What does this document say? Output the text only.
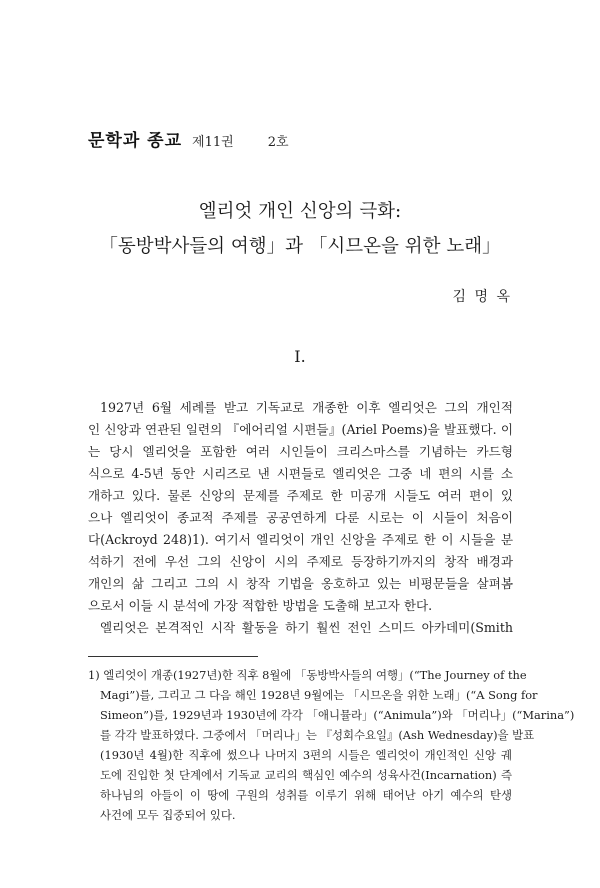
문학과 종교 제11권	2호
엘리엇 개인 신앙의 극화:
「동방박사들의 여행」과 「시므온을 위한 노래」
김 명 옥
I.
1927년 6월 세례를 받고 기독교로 개종한 이후 엘리엇은 그의 개인적
인 신앙과 연관된 일련의 『에어리얼 시편들』(Ariel Poems)을 발표했다. 이
는 당시 엘리엇을 포함한 여러 시인들이 크리스마스를 기념하는 카드형
식으로 4-5년 동안 시리즈로 낸 시편들로 엘리엇은 그중 네 편의 시를 소
개하고 있다. 물론 신앙의 문제를 주제로 한 미공개 시들도 여러 편이 있
으나 엘리엇이 종교적 주제를 공공연하게 다룬 시로는 이 시들이 처음이
다(Ackroyd 248)1). 여기서 엘리엇이 개인 신앙을 주제로 한 이 시들을 분
석하기 전에 우선 그의 신앙이 시의 주제로 등장하기까지의 창작 배경과
개인의 삶 그리고 그의 시 창작 기법을 옹호하고 있는 비평문들을 살펴봄
으로서 이들 시 분석에 가장 적합한 방법을 도출해 보고자 한다.
엘리엇은 본격적인 시작 활동을 하기 훨씬 전인 스미드 아카데미(Smith
1) 엘리엇이 개종(1927년)한 직후 8월에 「동방박사들의 여행」(“The Journey of the
Magi”)를, 그리고 그 다음 해인 1928년 9월에는 「시므온을 위한 노래」(“A Song for
Simeon”)를, 1929년과 1930년에 각각 「애니뮬라」(“Animula”)와 「머리나」(“Marina”)
를 각각 발표하였다. 그중에서 「머리나」는 『성회수요일』(Ash Wednesday)을 발표
(1930년 4월)한 직후에 썼으나 나머지 3편의 시들은 엘리엇이 개인적인 신앙 궤
도에 진입한 첫 단계에서 기독교 교리의 핵심인 예수의 성육사건(Incarnation) 즉
하나님의 아들이 이 땅에 구원의 성취를 이루기 위해 태어난 아기 예수의 탄생
사건에 모두 집중되어 있다.
